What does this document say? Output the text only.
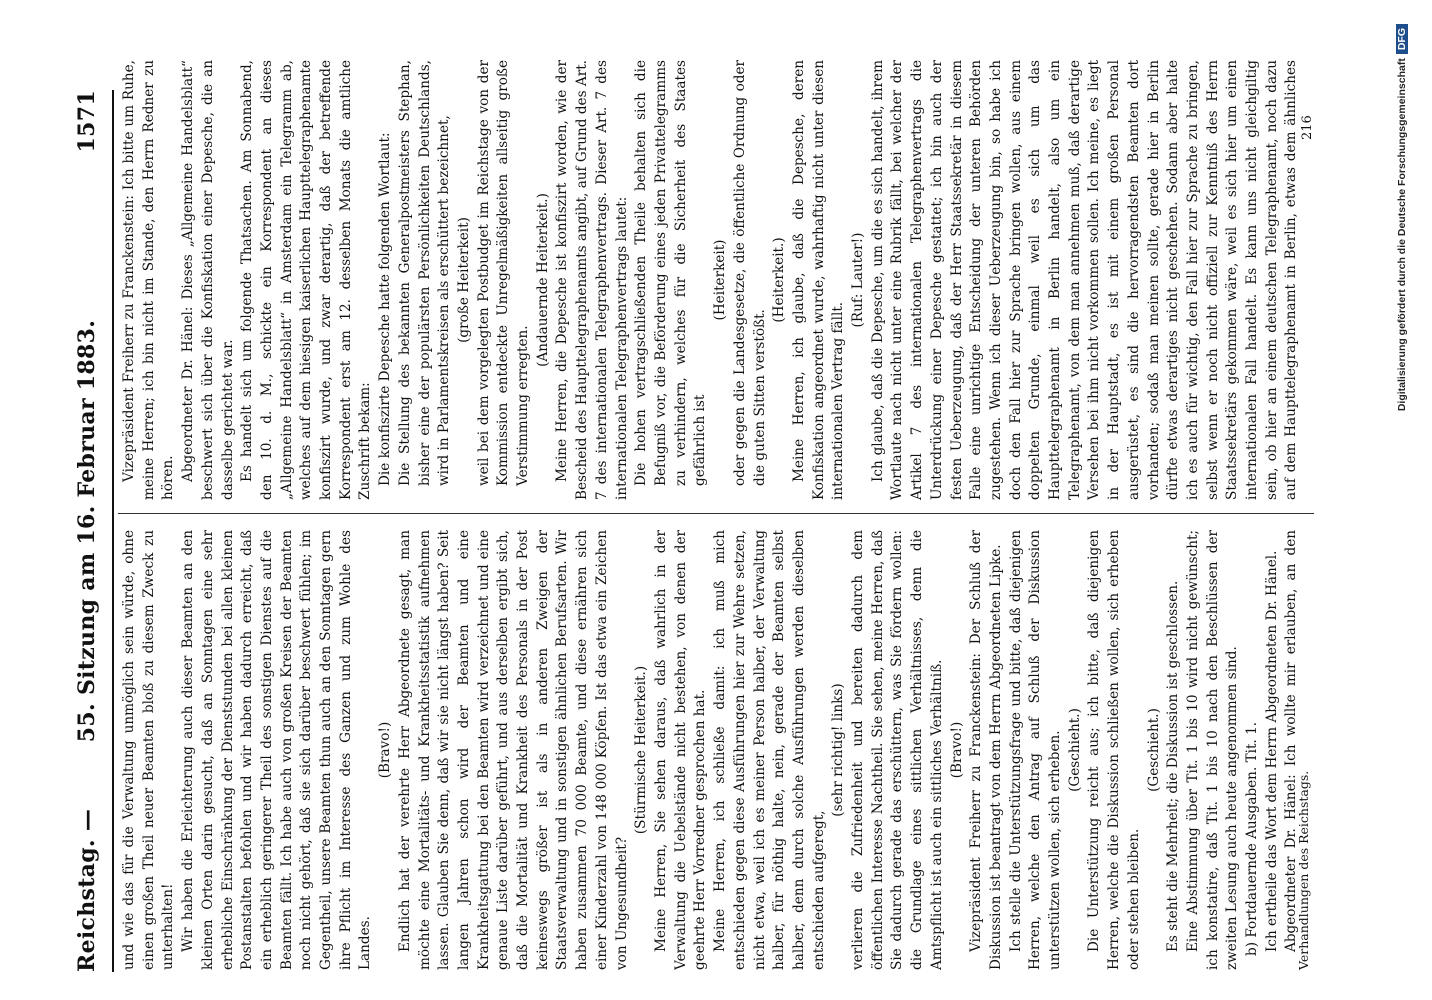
Reichstag. —
55. Sitzung am 16. Februar 1883.
1571

und wie das für die Verwaltung unmöglich sein würde, ohne einen großen Theil neuer Beamten bloß zu diesem Zweck zu unterhalten! Wir haben die Erleichterung auch dieser Beamten an den kleinen Orten darin gesucht, daß an Sonntagen eine sehr erhebliche Einschränkung der Dienststunden bei allen kleinen Postanstalten befohlen und wir haben dadurch erreicht, daß ein erheblich geringerer Theil des sonstigen Dienstes auf die Beamten fällt. Ich habe auch von großen Kreisen der Beamten noch nicht gehört, daß sie sich darüber beschwert fühlen; im Gegentheil, unsere Beamten thun auch an den Sonntagen gern ihre Pflicht im Interesse des Ganzen und zum Wohle des Landes.

(Bravo!) Endlich hat der verehrte Herr Abgeordnete gesagt, man möchte eine Mortalitäts- und Krankheitsstatistik aufnehmen lassen. Glauben Sie denn, daß wir sie nicht längst haben? Seit langen Jahren schon wird der Beamten und eine Krankheitsgattung bei den Beamten wird verzeichnet und eine genaue Liste darüber geführt, und aus derselben ergibt sich, daß die Mortalität und Krankheit des Personals in der Post keineswegs größer ist als in anderen Zweigen der Staatsverwaltung und in sonstigen ähnlichen Berufsarten. Wir haben zusammen 70 000 Beamte, und diese ernähren sich einer Kinderzahl von 148 000 Köpfen. Ist das etwa ein Zeichen von Ungesundheit?

(Stürmische Heiterkeit.) Meine Herren, Sie sehen daraus, daß wahrlich in der Verwaltung die Uebelstände nicht bestehen, von denen der geehrte Herr Vorredner gesprochen hat. Meine Herren, ich schließe damit: ich muß mich entschieden gegen diese Ausführungen hier zur Wehre setzen, nicht etwa, weil ich es meiner Person halber, der Verwaltung halber, für nöthig halte, nein, gerade der Beamten selbst halber, denn durch solche Ausführungen werden dieselben entschieden aufgeregt,

(sehr richtig! links) verlieren die Zufriedenheit und bereiten dadurch dem öffentlichen Interesse Nachtheil. Sie sehen, meine Herren, daß Sie dadurch gerade das erschüttern, was Sie fördern wollen: die Grundlage eines sittlichen Verhältnisses, denn die Amtspflicht ist auch ein sittliches Verhältniß. (Bravo!) Vizepräsident Freiherr zu Franckenstein: Der Schluß der Diskussion ist beantragt von dem Herrn Abgeordneten Lipke. Ich stelle die Unterstützungsfrage und bitte, daß diejenigen Herren, welche den Antrag auf Schluß der Diskussion unterstützen wollen, sich erheben. (Geschieht.) Die Unterstützung reicht aus; ich bitte, daß diejenigen Herren, welche die Diskussion schließen wollen, sich erheben oder stehen bleiben.

(Geschieht.) Es steht die Mehrheit; die Diskussion ist geschlossen. Eine Abstimmung über Tit. 1 bis 10 wird nicht gewünscht; ich konstatire, daß Tit. 1 bis 10 nach den Beschlüssen der zweiten Lesung auch heute angenommen sind. b) Fortdauernde Ausgaben. Tit. 1. Ich ertheile das Wort dem Herrn Abgeordneten Dr. Hänel. Abgeordneter Dr. Hänel: Ich wollte mir erlauben, an den

Vizepräsident Freiherr zu Franckenstein: Ich bitte um Ruhe, meine Herren; ich bin nicht im Stande, den Herrn Redner zu hören. Abgeordneter Dr. Hänel: Dieses „Allgemeine Handelsblatt“ beschwert sich über die Konfiskation einer Depesche, die an dasselbe gerichtet war. Es handelt sich um folgende Thatsachen. Am Sonnabend, den 10. d. M., schickte ein Korrespondent an dieses „Allgemeine Handelsblatt“ in Amsterdam ein Telegramm ab, welches auf dem hiesigen kaiserlichen Haupttelegraphenamte konfiszirt wurde, und zwar derartig, daß der betreffende Korrespondent erst am 12. desselben Monats die amtliche Zuschrift bekam: Die konfiszirte Depesche hatte folgenden Wortlaut: Die Stellung des bekannten Generalpostmeisters Stephan, bisher eine der populärsten Persönlichkeiten Deutschlands, wird in Parlamentskreisen als erschüttert bezeichnet, (große Heiterkeit) weil bei dem vorgelegten Postbudget im Reichstage von der Kommission entdeckte Unregelmäßigkeiten allseitig große Verstimmung erregten.

(Andauernde Heiterkeit.) Meine Herren, die Depesche ist konfiszirt worden, wie der Bescheid des Haupttelegraphenamts angibt, auf Grund des Art. 7 des internationalen Telegraphenvertrags. Dieser Art. 7 des internationalen Telegraphenvertrags lautet: Die hohen vertragschließenden Theile behalten sich die Befugniß vor, die Beförderung eines jeden Privattelegramms zu verhindern, welches für die Sicherheit des Staates gefährlich ist

(Heiterkeit) oder gegen die Landesgesetze, die öffentliche Ordnung oder die guten Sitten verstößt.

(Heiterkeit.) Meine Herren, ich glaube, daß die Depesche, deren Konfiskation angeordnet wurde, wahrhaftig nicht unter diesen internationalen Vertrag fällt.

(Ruf: Lauter!)

Ich glaube, daß die Depesche, um die es sich handelt, ihrem Wortlaute nach nicht unter eine Rubrik fällt, bei welcher der Artikel 7 des internationalen Telegraphenvertrags die Unterdrückung einer Depesche gestattet; ich bin auch der festen Ueberzeugung, daß der Herr Staatssekretär in diesem Falle eine unrichtige Entscheidung der unteren Behörden zugestehen. Wenn ich dieser Ueberzeugung bin, so habe ich doch den Fall hier zur Sprache bringen wollen, aus einem doppelten Grunde, einmal weil es sich um das Haupttelegraphenamt in Berlin handelt, also um ein Telegraphenamt, von dem man annehmen muß, daß derartige Versehen bei ihm nicht vorkommen sollen. Ich meine, es liegt in der Hauptstadt, es ist mit einem großen Personal ausgerüstet, es sind die hervorragendsten Beamten dort vorhanden; sodaß man meinen sollte, gerade hier in Berlin dürfte etwas derartiges nicht geschehen. Sodann aber halte ich es auch für wichtig, den Fall hier zur Sprache zu bringen, selbst wenn er noch nicht offiziell zur Kenntniß des Herrn Staatssekretärs gekommen wäre, weil es sich hier um einen internationalen Fall handelt. Es kann uns nicht gleichgiltig sein, ob hier an einem deutschen Telegraphenamt, noch dazu auf dem Haupttelegraphenamt in Berlin, etwas dem ähnliches

Verhandlungen des Reichstags.
216	Digitalisierung gefördert durch die Deutsche ForschungsgemeinschaftDFG
